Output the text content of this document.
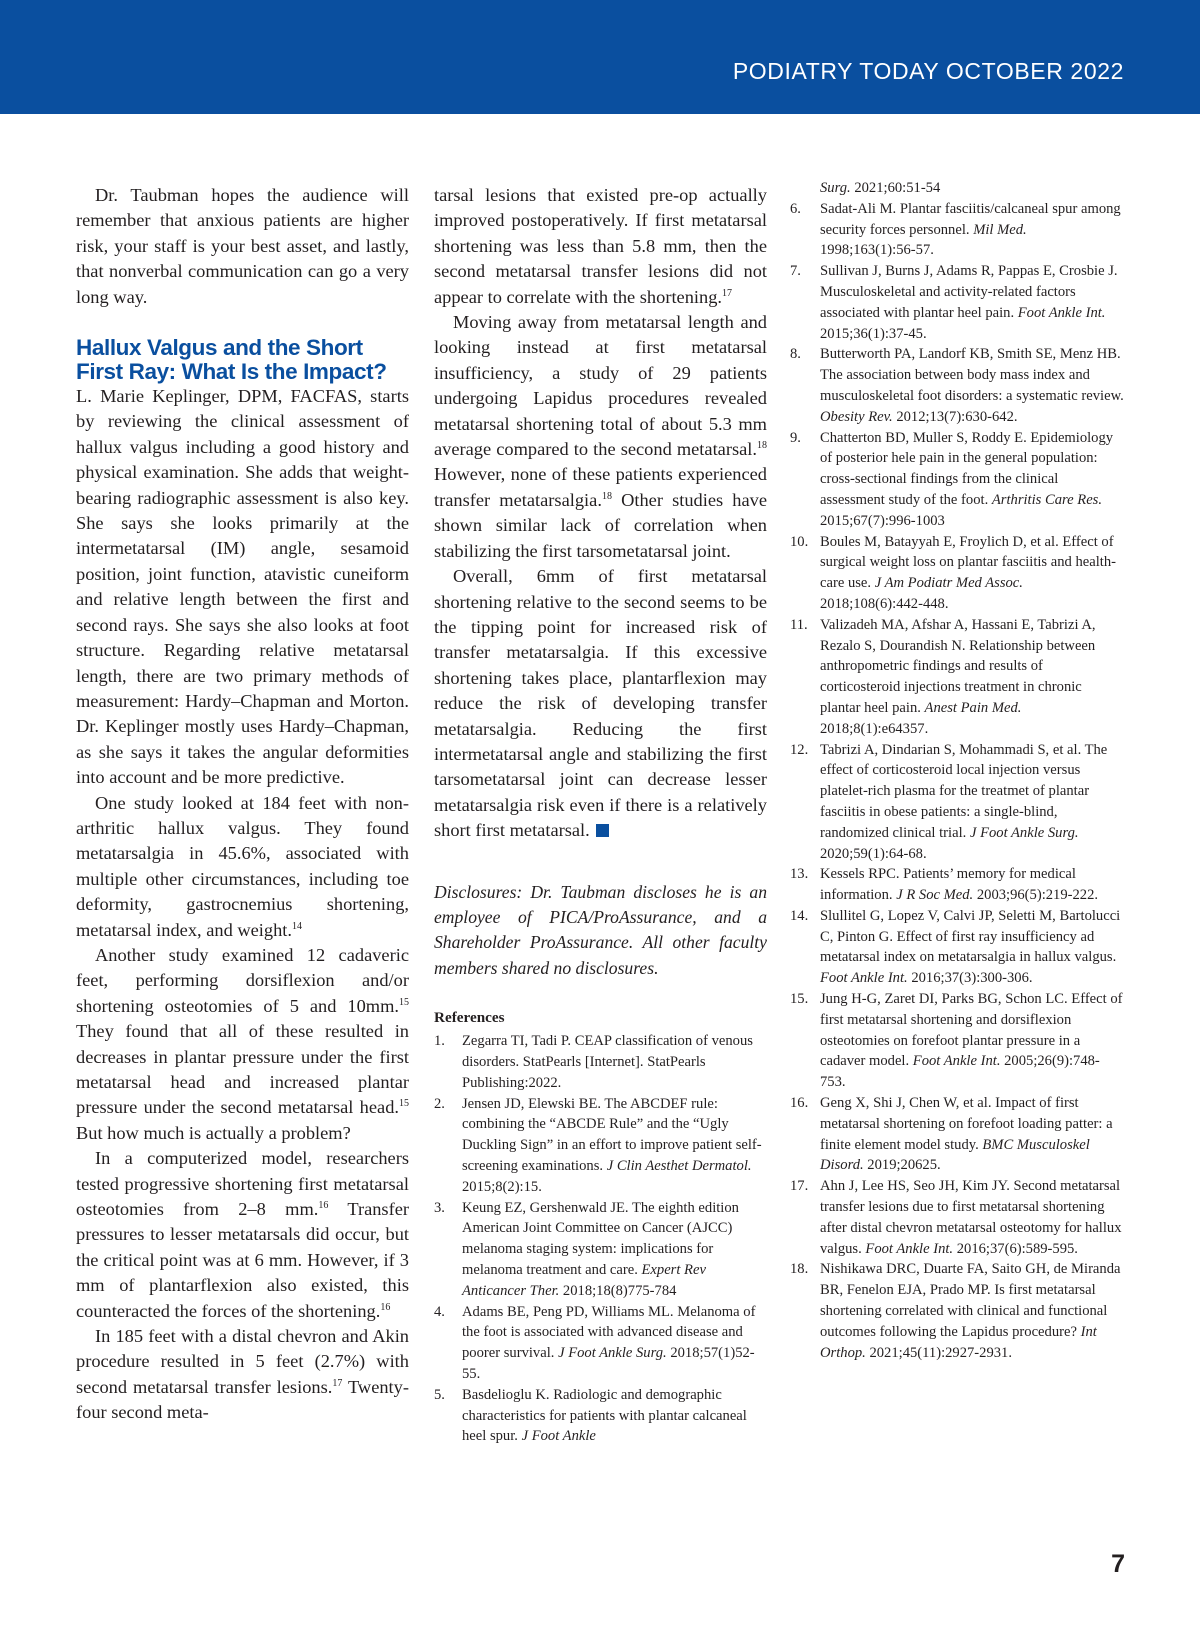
PODIATRY TODAY OCTOBER 2022

Dr. Taubman hopes the audience will remember that anxious patients are higher risk, your staff is your best asset, and lastly, that nonverbal communication can go a very long way.

Hallux Valgus and the Short
First Ray: What Is the Impact?

L. Marie Keplinger, DPM, FACFAS, starts by reviewing the clinical assessment of hallux valgus including a good history and physical examination. She adds that weight-bearing radiographic assessment is also key. She says she looks primarily at the intermetatarsal (IM) angle, sesamoid position, joint function, atavistic cuneiform and relative length between the first and second rays. She says she also looks at foot structure. Regarding relative metatarsal length, there are two primary methods of measurement: Hardy–Chapman and Morton. Dr. Keplinger mostly uses Hardy–Chapman, as she says it takes the angular deformities into account and be more predictive.

One study looked at 184 feet with non-arthritic hallux valgus. They found metatarsalgia in 45.6%, associated with multiple other circumstances, including toe deformity, gastrocnemius shortening, metatarsal index, and weight.$^{14}$

Another study examined 12 cadaveric feet, performing dorsiflexion and/or shortening osteotomies of 5 and 10mm.$^{15}$ They found that all of these resulted in decreases in plantar pressure under the first metatarsal head and increased plantar pressure under the second metatarsal head.$^{15}$ But how much is actually a problem?

In a computerized model, researchers tested progressive shortening first metatarsal osteotomies from 2–8 mm.$^{16}$ Transfer pressures to lesser metatarsals did occur, but the critical point was at 6 mm. However, if 3 mm of plantarflexion also existed, this counteracted the forces of the shortening.$^{16}$

In 185 feet with a distal chevron and Akin procedure resulted in 5 feet (2.7%) with second metatarsal transfer lesions.$^{17}$ Twenty-four second meta-

tarsal lesions that existed pre-op actually improved postoperatively. If first metatarsal shortening was less than 5.8 mm, then the second metatarsal transfer lesions did not appear to correlate with the shortening.$^{17}$

Moving away from metatarsal length and looking instead at first metatarsal insufficiency, a study of 29 patients undergoing Lapidus procedures revealed metatarsal shortening total of about 5.3 mm average compared to the second metatarsal.$^{18}$ However, none of these patients experienced transfer metatarsalgia.$^{18}$ Other studies have shown similar lack of correlation when stabilizing the first tarsometatarsal joint.

Overall, 6mm of first metatarsal shortening relative to the second seems to be the tipping point for increased risk of transfer metatarsalgia. If this excessive shortening takes place, plantarflexion may reduce the risk of developing transfer metatarsalgia. Reducing the first intermetatarsal angle and stabilizing the first tarsometatarsal joint can decrease lesser metatarsalgia risk even if there is a relatively short first metatarsal.

Disclosures: Dr. Taubman discloses he is an employee of PICA/ProAssurance, and a Shareholder ProAssurance. All other faculty members shared no disclosures.

References
1.	Zegarra TI, Tadi P. CEAP classification of venous disorders. StatPearls [Internet]. StatPearls Publishing:2022.
2.	Jensen JD, Elewski BE. The ABCDEF rule: combining the “ABCDE Rule” and the “Ugly Duckling Sign” in an effort to improve patient self-screening examinations. J Clin Aesthet Dermatol. 2015;8(2):15.
3.	Keung EZ, Gershenwald JE. The eighth edition American Joint Committee on Cancer (AJCC) melanoma staging system: implications for melanoma treatment and care. Expert Rev Anticancer Ther. 2018;18(8)775-784
4.	Adams BE, Peng PD, Williams ML. Melanoma of the foot is associated with advanced disease and poorer survival. J Foot Ankle Surg. 2018;57(1)52-55.
5.	Basdelioglu K. Radiologic and demographic characteristics for patients with plantar calcaneal heel spur. J Foot Ankle
Surg. 2021;60:51-54
6.	Sadat-Ali M. Plantar fasciitis/calcaneal spur among security forces personnel. Mil Med. 1998;163(1):56-57.
7.	Sullivan J, Burns J, Adams R, Pappas E, Crosbie J. Musculoskeletal and activity-related factors associated with plantar heel pain. Foot Ankle Int. 2015;36(1):37-45.
8.	Butterworth PA, Landorf KB, Smith SE, Menz HB. The association between body mass index and musculoskeletal foot disorders: a systematic review. Obesity Rev. 2012;13(7):630-642.
9.	Chatterton BD, Muller S, Roddy E. Epidemiology of posterior hele pain in the general population: cross-sectional findings from the clinical assessment study of the foot. Arthritis Care Res. 2015;67(7):996-1003
10. Boules M, Batayyah E, Froylich D, et al. Effect of surgical weight loss on plantar fasciitis and health-care use. J Am Podiatr Med Assoc. 2018;108(6):442-448.
11. Valizadeh MA, Afshar A, Hassani E, Tabrizi A, Rezalo S, Dourandish N. Relationship between anthropometric findings and results of corticosteroid injections treatment in chronic plantar heel pain. Anest Pain Med. 2018;8(1):e64357.
12. Tabrizi A, Dindarian S, Mohammadi S, et al. The effect of corticosteroid local injection versus platelet-rich plasma for the treatmet of plantar fasciitis in obese patients: a single-blind, randomized clinical trial. J Foot Ankle Surg. 2020;59(1):64-68.
13. Kessels RPC. Patients’ memory for medical information. J R Soc Med. 2003;96(5):219-222.
14. Slullitel G, Lopez V, Calvi JP, Seletti M, Bartolucci C, Pinton G. Effect of first ray insufficiency ad metatarsal index on metatarsalgia in hallux valgus. Foot Ankle Int. 2016;37(3):300-306.
15. Jung H-G, Zaret DI, Parks BG, Schon LC. Effect of first metatarsal shortening and dorsiflexion osteotomies on forefoot plantar pressure in a cadaver model. Foot Ankle Int. 2005;26(9):748-753.
16. Geng X, Shi J, Chen W, et al. Impact of first metatarsal shortening on forefoot loading patter: a finite element model study. BMC Musculoskel Disord. 2019;20625.
17. Ahn J, Lee HS, Seo JH, Kim JY. Second metatarsal transfer lesions due to first metatarsal shortening after distal chevron metatarsal osteotomy for hallux valgus. Foot Ankle Int. 2016;37(6):589-595.
18. Nishikawa DRC, Duarte FA, Saito GH, de Miranda BR, Fenelon EJA, Prado MP. Is first metatarsal shortening correlated with clinical and functional outcomes following the Lapidus procedure? Int Orthop. 2021;45(11):2927-2931.
7
